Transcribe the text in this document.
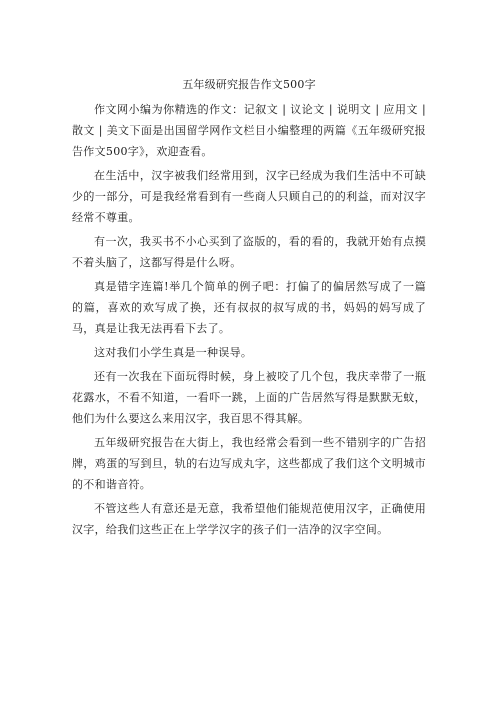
五年级研究报告作文500字

作文网小编为你精选的作文：记叙文 | 议论文 | 说明文 | 应用文 | 散文 | 美文下面是出国留学网作文栏目小编整理的两篇《五年级研究报告作文500字》，欢迎查看。

在生活中，汉字被我们经常用到，汉字已经成为我们生活中不可缺少的一部分，可是我经常看到有一些商人只顾自己的的利益，而对汉字经常不尊重。

有一次，我买书不小心买到了盗版的，看的看的，我就开始有点摸不着头脑了，这都写得是什么呀。

真是错字连篇!举几个简单的例子吧：打偏了的偏居然写成了一篇的篇，喜欢的欢写成了换，还有叔叔的叔写成的书，妈妈的妈写成了马，真是让我无法再看下去了。

这对我们小学生真是一种误导。

还有一次我在下面玩得时候，身上被咬了几个包，我庆幸带了一瓶花露水，不看不知道，一看吓一跳，上面的广告居然写得是默默无蚊，他们为什么要这么来用汉字，我百思不得其解。

五年级研究报告在大街上，我也经常会看到一些不错别字的广告招牌，鸡蛋的写到旦，轨的右边写成丸字，这些都成了我们这个文明城市的不和谐音符。

不管这些人有意还是无意，我希望他们能规范使用汉字，正确使用汉字，给我们这些正在上学学汉字的孩子们一洁净的汉字空间。
